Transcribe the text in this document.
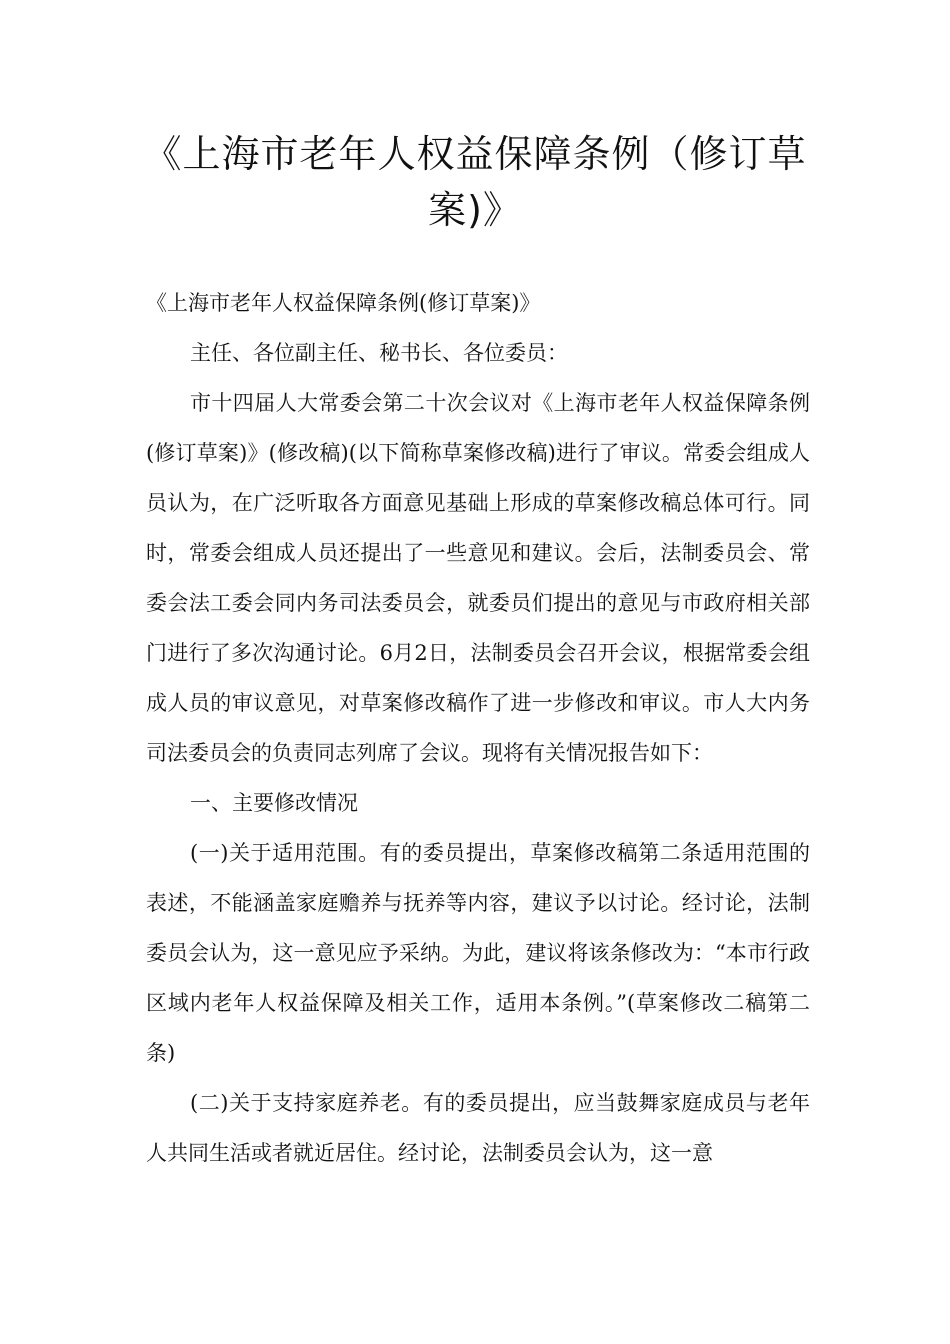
《上海市老年人权益保障条例（修订草案)》

《上海市老年人权益保障条例(修订草案)》

主任、各位副主任、秘书长、各位委员：

市十四届人大常委会第二十次会议对《上海市老年人权益保障条例(修订草案)》(修改稿)(以下简称草案修改稿)进行了审议。常委会组成人员认为，在广泛听取各方面意见基础上形成的草案修改稿总体可行。同时，常委会组成人员还提出了一些意见和建议。会后，法制委员会、常委会法工委会同内务司法委员会，就委员们提出的意见与市政府相关部门进行了多次沟通讨论。6月2日，法制委员会召开会议，根据常委会组成人员的审议意见，对草案修改稿作了进一步修改和审议。市人大内务司法委员会的负责同志列席了会议。现将有关情况报告如下：

一、主要修改情况

(一)关于适用范围。有的委员提出，草案修改稿第二条适用范围的表述，不能涵盖家庭赡养与抚养等内容，建议予以讨论。经讨论，法制委员会认为，这一意见应予采纳。为此，建议将该条修改为：“本市行政区域内老年人权益保障及相关工作，适用本条例。”(草案修改二稿第二条)

(二)关于支持家庭养老。有的委员提出，应当鼓舞家庭成员与老年人共同生活或者就近居住。经讨论，法制委员会认为，这一意
